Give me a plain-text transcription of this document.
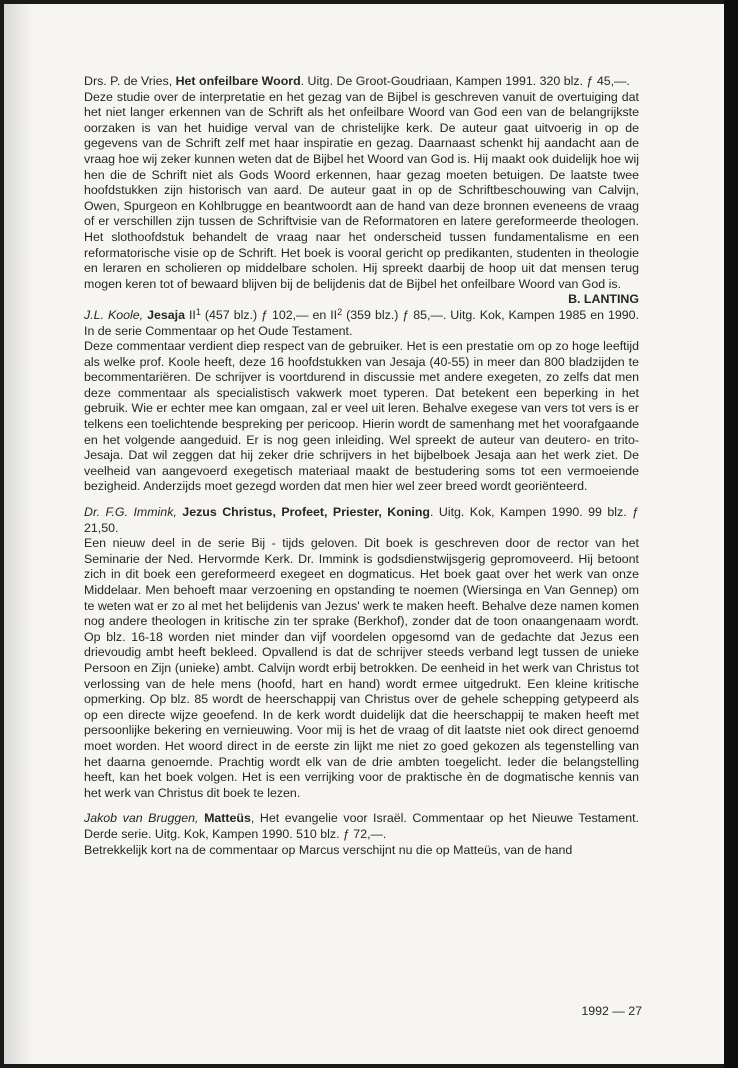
Drs. P. de Vries, Het onfeilbare Woord. Uitg. De Groot-Goudriaan, Kampen 1991. 320 blz. ƒ 45,—.

Deze studie over de interpretatie en het gezag van de Bijbel is geschreven vanuit de overtuiging dat het niet langer erkennen van de Schrift als het onfeilbare Woord van God een van de belangrijkste oorzaken is van het huidige verval van de christelijke kerk. De auteur gaat uitvoerig in op de gegevens van de Schrift zelf met haar inspiratie en gezag. Daarnaast schenkt hij aandacht aan de vraag hoe wij zeker kunnen weten dat de Bijbel het Woord van God is. Hij maakt ook duidelijk hoe wij hen die de Schrift niet als Gods Woord erkennen, haar gezag moeten betuigen. De laatste twee hoofdstukken zijn historisch van aard. De auteur gaat in op de Schriftbeschouwing van Calvijn, Owen, Spurgeon en Kohlbrugge en beantwoordt aan de hand van deze bronnen eveneens de vraag of er verschillen zijn tussen de Schriftvisie van de Reformatoren en latere gereformeerde theologen. Het slothoofdstuk behandelt de vraag naar het onderscheid tussen fundamentalisme en een reformatorische visie op de Schrift. Het boek is vooral gericht op predikanten, studenten in theologie en leraren en scholieren op middelbare scholen. Hij spreekt daarbij de hoop uit dat mensen terug mogen keren tot of bewaard blijven bij de belijdenis dat de Bijbel het onfeilbare Woord van God is.

B. LANTING

J.L. Koole, Jesaja $II^1$ (457 blz.) ƒ 102,— en $II^2$ (359 blz.) ƒ 85,—. Uitg. Kok, Kampen 1985 en 1990. In de serie Commentaar op het Oude Testament.

Deze commentaar verdient diep respect van de gebruiker. Het is een prestatie om op zo hoge leeftijd als welke prof. Koole heeft, deze 16 hoofdstukken van Jesaja (40-55) in meer dan 800 bladzijden te becommentariëren. De schrijver is voortdurend in discussie met andere exegeten, zo zelfs dat men deze commentaar als specialistisch vakwerk moet typeren. Dat betekent een beperking in het gebruik. Wie er echter mee kan omgaan, zal er veel uit leren. Behalve exegese van vers tot vers is er telkens een toelichtende bespreking per pericoop. Hierin wordt de samenhang met het voorafgaande en het volgende aangeduid. Er is nog geen inleiding. Wel spreekt de auteur van deutero- en trito-Jesaja. Dat wil zeggen dat hij zeker drie schrijvers in het bijbelboek Jesaja aan het werk ziet. De veelheid van aangevoerd exegetisch materiaal maakt de bestudering soms tot een vermoeiende bezigheid. Anderzijds moet gezegd worden dat men hier wel zeer breed wordt georiënteerd.

Dr. F.G. Immink, Jezus Christus, Profeet, Priester, Koning. Uitg. Kok, Kampen 1990. 99 blz. ƒ 21,50.

Een nieuw deel in de serie Bij - tijds geloven. Dit boek is geschreven door de rector van het Seminarie der Ned. Hervormde Kerk. Dr. Immink is godsdienstwijsgerig gepromoveerd. Hij betoont zich in dit boek een gereformeerd exegeet en dogmaticus. Het boek gaat over het werk van onze Middelaar. Men behoeft maar verzoening en opstanding te noemen (Wiersinga en Van Gennep) om te weten wat er zo al met het belijdenis van Jezus' werk te maken heeft. Behalve deze namen komen nog andere theologen in kritische zin ter sprake (Berkhof), zonder dat de toon onaangenaam wordt. Op blz. 16-18 worden niet minder dan vijf voordelen opgesomd van de gedachte dat Jezus een drievoudig ambt heeft bekleed. Opvallend is dat de schrijver steeds verband legt tussen de unieke Persoon en Zijn (unieke) ambt. Calvijn wordt erbij betrokken. De eenheid in het werk van Christus tot verlossing van de hele mens (hoofd, hart en hand) wordt ermee uitgedrukt. Een kleine kritische opmerking. Op blz. 85 wordt de heerschappij van Christus over de gehele schepping getypeerd als op een directe wijze geoefend. In de kerk wordt duidelijk dat die heerschappij te maken heeft met persoonlijke bekering en vernieuwing. Voor mij is het de vraag of dit laatste niet ook direct genoemd moet worden. Het woord direct in de eerste zin lijkt me niet zo goed gekozen als tegenstelling van het daarna genoemde. Prachtig wordt elk van de drie ambten toegelicht. Ieder die belangstelling heeft, kan het boek volgen. Het is een verrijking voor de praktische èn de dogmatische kennis van het werk van Christus dit boek te lezen.

Jakob van Bruggen, Matteüs, Het evangelie voor Israël. Commentaar op het Nieuwe Testament. Derde serie. Uitg. Kok, Kampen 1990. 510 blz. ƒ 72,—.

Betrekkelijk kort na de commentaar op Marcus verschijnt nu die op Matteüs, van de hand

1992 — 27
